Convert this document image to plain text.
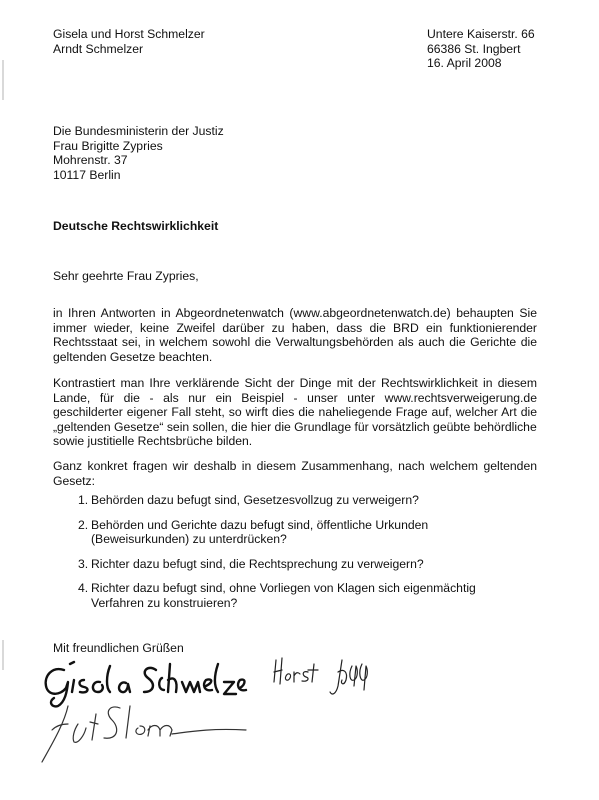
Gisela und Horst Schmelzer
Arndt Schmelzer
Untere Kaiserstr. 66
66386 St. Ingbert
16. April 2008
Die Bundesministerin der Justiz
Frau Brigitte Zypries
Mohrenstr. 37
10117 Berlin
Deutsche Rechtswirklichkeit
Sehr geehrte Frau Zypries,
in Ihren Antworten in Abgeordnetenwatch (www.abgeordnetenwatch.de) behaupten Sie
immer wieder, keine Zweifel darüber zu haben, dass die BRD ein funktionierender
Rechtsstaat sei, in welchem sowohl die Verwaltungsbehörden als auch die Gerichte die
geltenden Gesetze beachten.
Kontrastiert man Ihre verklärende Sicht der Dinge mit der Rechtswirklichkeit in diesem
Lande, für die - als nur ein Beispiel - unser unter www.rechtsverweigerung.de
geschilderter eigener Fall steht, so wirft dies die naheliegende Frage auf, welcher Art die
„geltenden Gesetze“ sein sollen, die hier die Grundlage für vorsätzlich geübte behördliche
sowie justitielle Rechtsbrüche bilden.
Ganz konkret fragen wir deshalb in diesem Zusammenhang, nach welchem geltenden
Gesetz:
1. Behörden dazu befugt sind, Gesetzesvollzug zu verweigern?
2. Behörden und Gerichte dazu befugt sind, öffentliche Urkunden
(Beweisurkunden) zu unterdrücken?
3. Richter dazu befugt sind, die Rechtsprechung zu verweigern?
4. Richter dazu befugt sind, ohne Vorliegen von Klagen sich eigenmächtig
Verfahren zu konstruieren?
Mit freundlichen Grüßen
